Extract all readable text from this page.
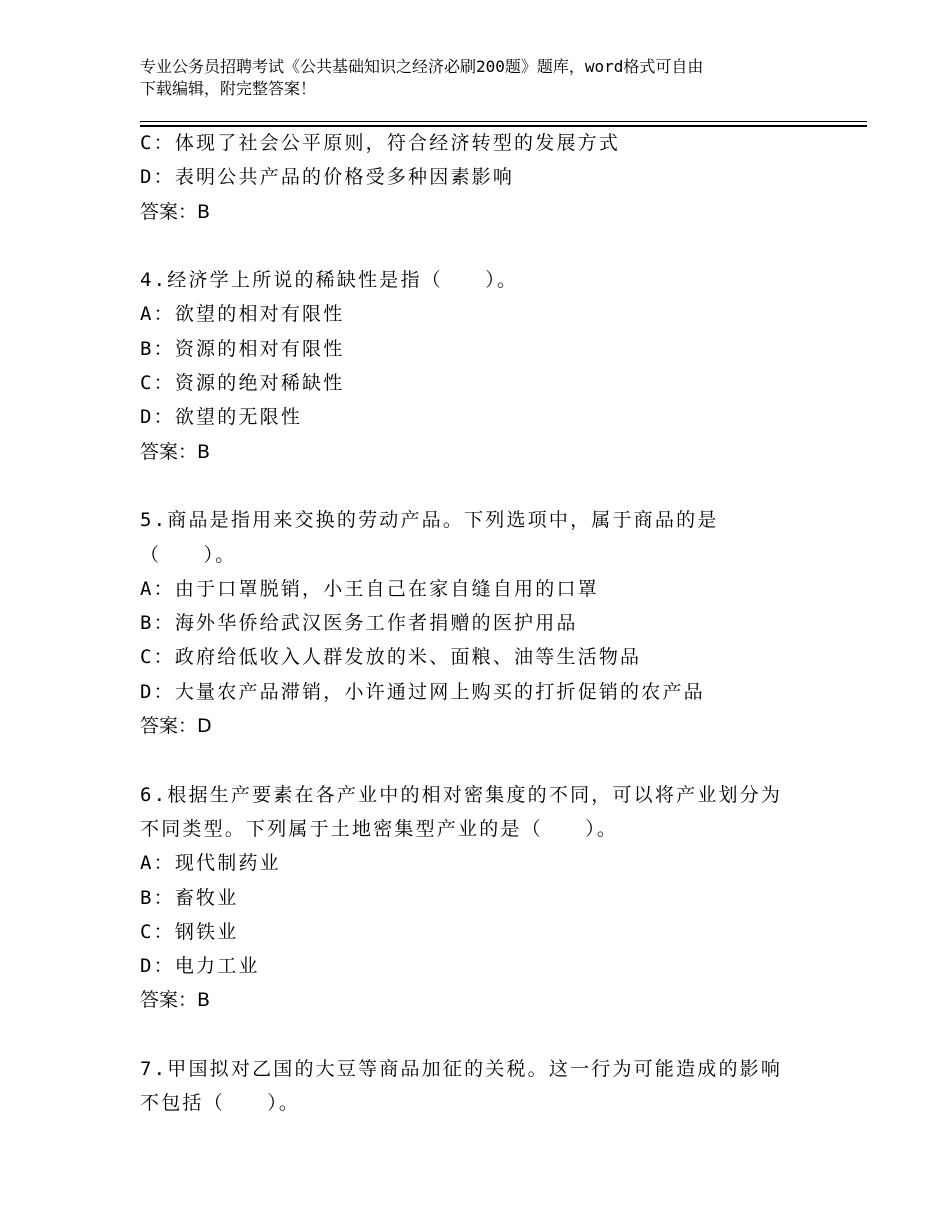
专业公务员招聘考试《公共基础知识之经济必刷200题》题库，word格式可自由
下载编辑，附完整答案！
C：体现了社会公平原则，符合经济转型的发展方式
D：表明公共产品的价格受多种因素影响
答案：B
4.经济学上所说的稀缺性是指（　　）。
A：欲望的相对有限性
B：资源的相对有限性
C：资源的绝对稀缺性
D：欲望的无限性
答案：B
5.商品是指用来交换的劳动产品。下列选项中，属于商品的是
（　　）。
A：由于口罩脱销，小王自己在家自缝自用的口罩
B：海外华侨给武汉医务工作者捐赠的医护用品
C：政府给低收入人群发放的米、面粮、油等生活物品
D：大量农产品滞销，小许通过网上购买的打折促销的农产品
答案：D
6.根据生产要素在各产业中的相对密集度的不同，可以将产业划分为
不同类型。下列属于土地密集型产业的是（　　）。
A：现代制药业
B：畜牧业
C：钢铁业
D：电力工业
答案：B
7.甲国拟对乙国的大豆等商品加征的关税。这一行为可能造成的影响
不包括（　　）。
